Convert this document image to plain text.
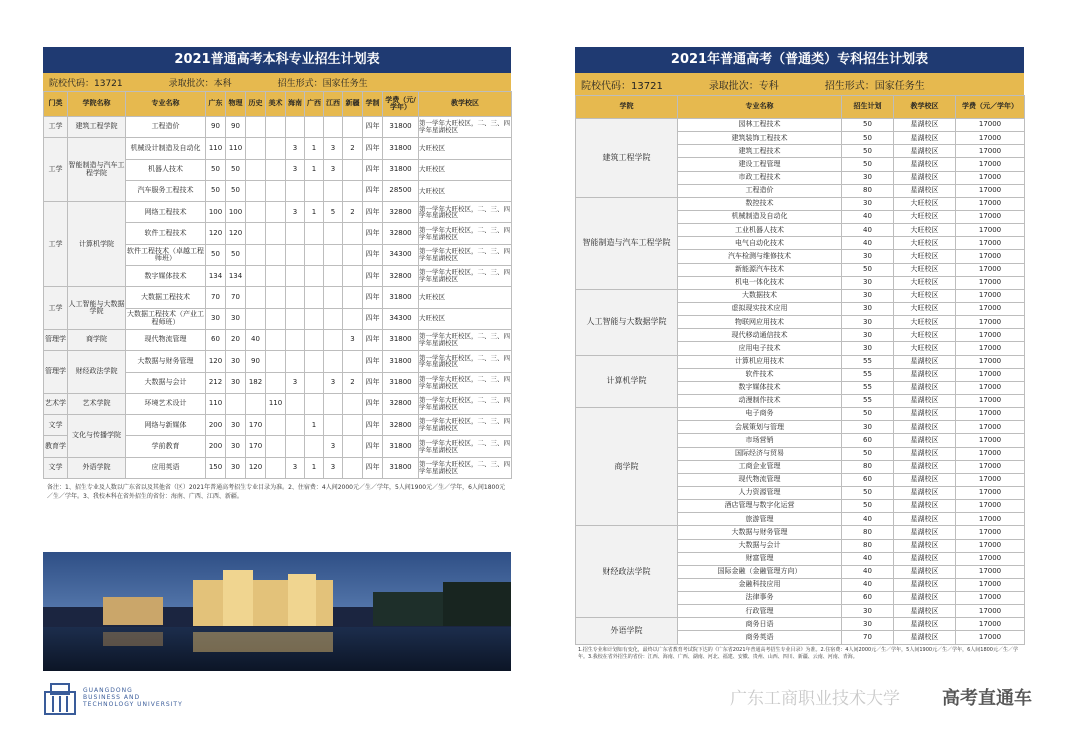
2021普通高考本科专业招生计划表
院校代码：13721	录取批次：本科	招生形式：国家任务生
门类	学院名称	专业名称	广东	物理	历史	美术	海南	广西	江西	新疆	学制	学费（元/学年）	教学校区
工学	建筑工程学院	工程造价	90	90							四年	31800	第一学年大旺校区，二、三、四学年星湖校区
工学	智能制造与汽车工程学院	机械设计制造及自动化	110	110			3	1	3	2	四年	31800	大旺校区
		机器人技术	50	50			3	1	3		四年	31800	大旺校区
		汽车服务工程技术	50	50							四年	28500	大旺校区
工学	计算机学院	网络工程技术	100	100			3	1	5	2	四年	32800	第一学年大旺校区，二、三、四学年星湖校区
		软件工程技术	120	120							四年	32800	第一学年大旺校区，二、三、四学年星湖校区
		软件工程技术（卓越工程师班）	50	50							四年	34300	第一学年大旺校区，二、三、四学年星湖校区
		数字媒体技术	134	134							四年	32800	第一学年大旺校区，二、三、四学年星湖校区
工学	人工智能与大数据学院	大数据工程技术	70	70							四年	31800	大旺校区
		大数据工程技术（产业工程师班）	30	30							四年	34300	大旺校区
管理学	商学院	现代物流管理	60	20	40					3	四年	31800	第一学年大旺校区，二、三、四学年星湖校区
管理学	财经政法学院	大数据与财务管理	120	30	90						四年	31800	第一学年大旺校区，二、三、四学年星湖校区
		大数据与会计	212	30	182		3		3	2	四年	31800	第一学年大旺校区，二、三、四学年星湖校区
艺术学	艺术学院	环境艺术设计	110			110					四年	32800	第一学年大旺校区，二、三、四学年星湖校区
文学	文化与传播学院	网络与新媒体	200	30	170			1			四年	32800	第一学年大旺校区，二、三、四学年星湖校区
教育学		学前教育	200	30	170				3		四年	31800	第一学年大旺校区，二、三、四学年星湖校区
文学	外语学院	应用英语	150	30	120		3	1	3		四年	31800	第一学年大旺校区，二、三、四学年星湖校区
备注：1、招生专业及人数以广东省以及其他省（区）2021年普通高考招生专业目录为准。2、住宿费：4人间2000元／生／学年，5人间1900元／生／学年，6人间1800元／生／学年。3、我校本科在省外招生的省份：海南、广西、江西、新疆。
GUANGDONG
BUSINESS AND
TECHNOLOGY UNIVERSITY
2021年普通高考（普通类）专科招生计划表
院校代码：13721	录取批次：专科	招生形式：国家任务生
学院	专业名称	招生计划	教学校区	学费（元／学年）
建筑工程学院	园林工程技术	50	星湖校区	17000
	建筑装饰工程技术	50	星湖校区	17000
	建筑工程技术	50	星湖校区	17000
	建设工程管理	50	星湖校区	17000
	市政工程技术	30	星湖校区	17000
	工程造价	80	星湖校区	17000
智能制造与汽车工程学院	数控技术	30	大旺校区	17000
	机械制造及自动化	40	大旺校区	17000
	工业机器人技术	40	大旺校区	17000
	电气自动化技术	40	大旺校区	17000
	汽车检测与维修技术	30	大旺校区	17000
	新能源汽车技术	50	大旺校区	17000
	机电一体化技术	30	大旺校区	17000
人工智能与大数据学院	大数据技术	30	大旺校区	17000
	虚拟现实技术应用	30	大旺校区	17000
	物联网应用技术	30	大旺校区	17000
	现代移动通信技术	30	大旺校区	17000
	应用电子技术	30	大旺校区	17000
计算机学院	计算机应用技术	55	星湖校区	17000
	软件技术	55	星湖校区	17000
	数字媒体技术	55	星湖校区	17000
	动漫制作技术	55	星湖校区	17000
商学院	电子商务	50	星湖校区	17000
	会展策划与管理	30	星湖校区	17000
	市场营销	60	星湖校区	17000
	国际经济与贸易	50	星湖校区	17000
	工商企业管理	80	星湖校区	17000
	现代物流管理	60	星湖校区	17000
	人力资源管理	50	星湖校区	17000
	酒店管理与数字化运营	50	星湖校区	17000
	旅游管理	40	星湖校区	17000
财经政法学院	大数据与财务管理	80	星湖校区	17000
	大数据与会计	80	星湖校区	17000
	财富管理	40	星湖校区	17000
	国际金融（金融管理方向）	40	星湖校区	17000
	金融科技应用	40	星湖校区	17000
	法律事务	60	星湖校区	17000
	行政管理	30	星湖校区	17000
外语学院	商务日语	30	星湖校区	17000
	商务英语	70	星湖校区	17000
1.招生专业和计划如有变化，最终以广东省教育考试院下达的《广东省2021年普通高考招生专业目录》为准。2.住宿费：4人间2000元／生／学年，5人间1900元／生／学年，6人间1800元／生／学年。3.我校在省外招生的省份：江西、海南、广西、湖南、河北、福建、安徽、贵州、山西、四川、新疆、云南、河南、青海。
广东工商职业技术大学 高考直通车
